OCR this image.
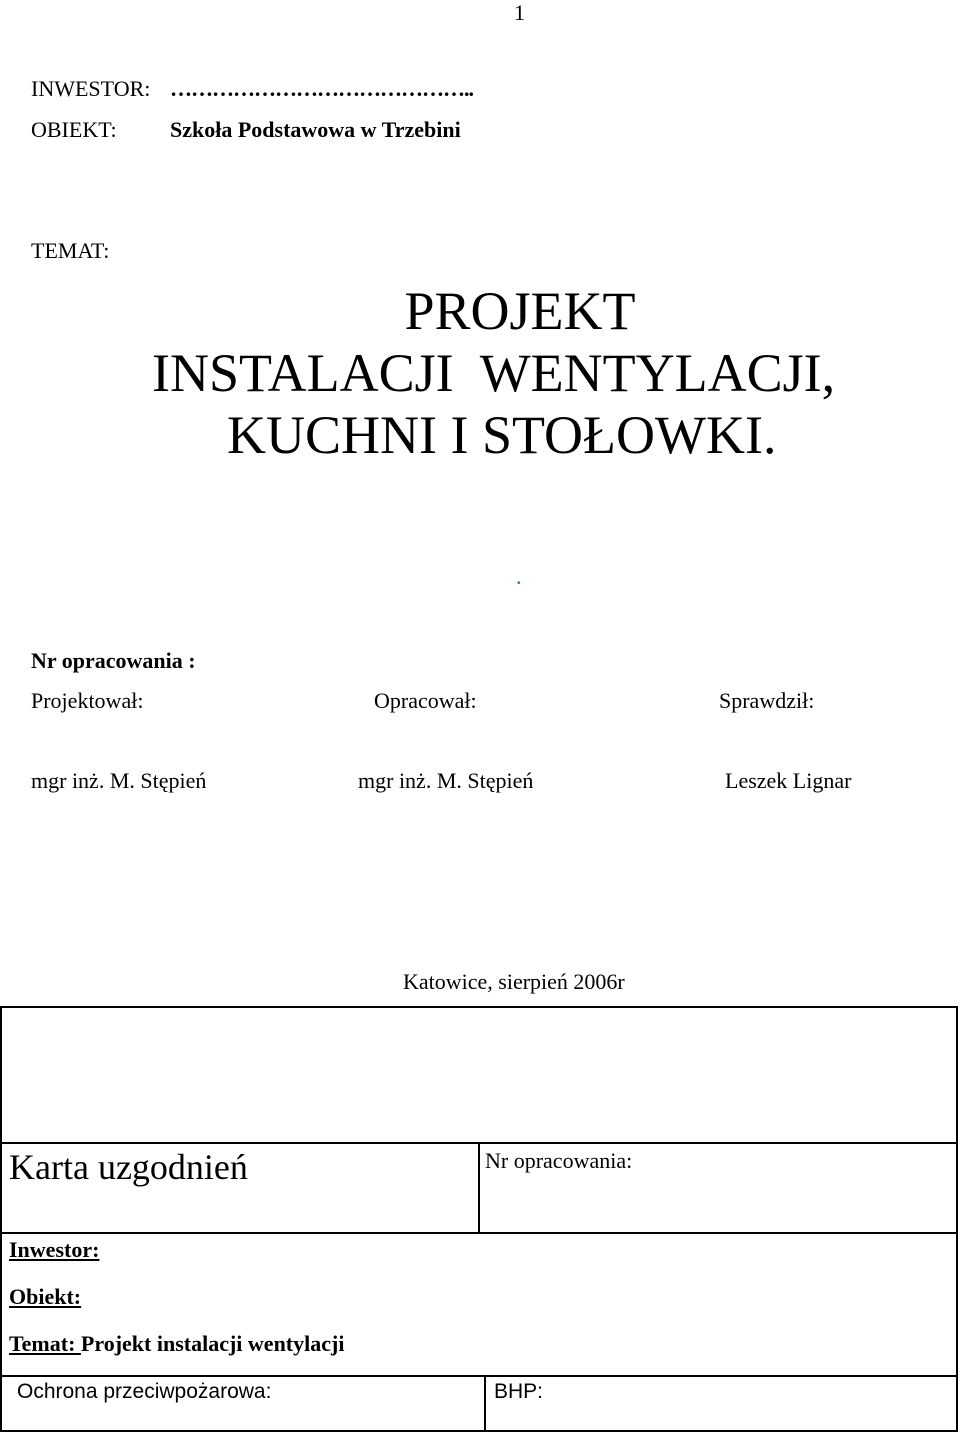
1
INWESTOR: ……………………………………..
OBIEKT: Szkoła Podstawowa w Trzebini
TEMAT:
PROJEKT
INSTALACJI  WENTYLACJI,
KUCHNI I STOŁOWKI.
.
Nr opracowania :
Projektował:	Opracował:	Sprawdził:
mgr inż. M. Stępień	mgr inż. M. Stępień	Leszek Lignar
Katowice, sierpień 2006r
Karta uzgodnień	Nr opracowania:
Inwestor:
Obiekt:
Temat: Projekt instalacji wentylacji
Ochrona przeciwpożarowa:	BHP:
